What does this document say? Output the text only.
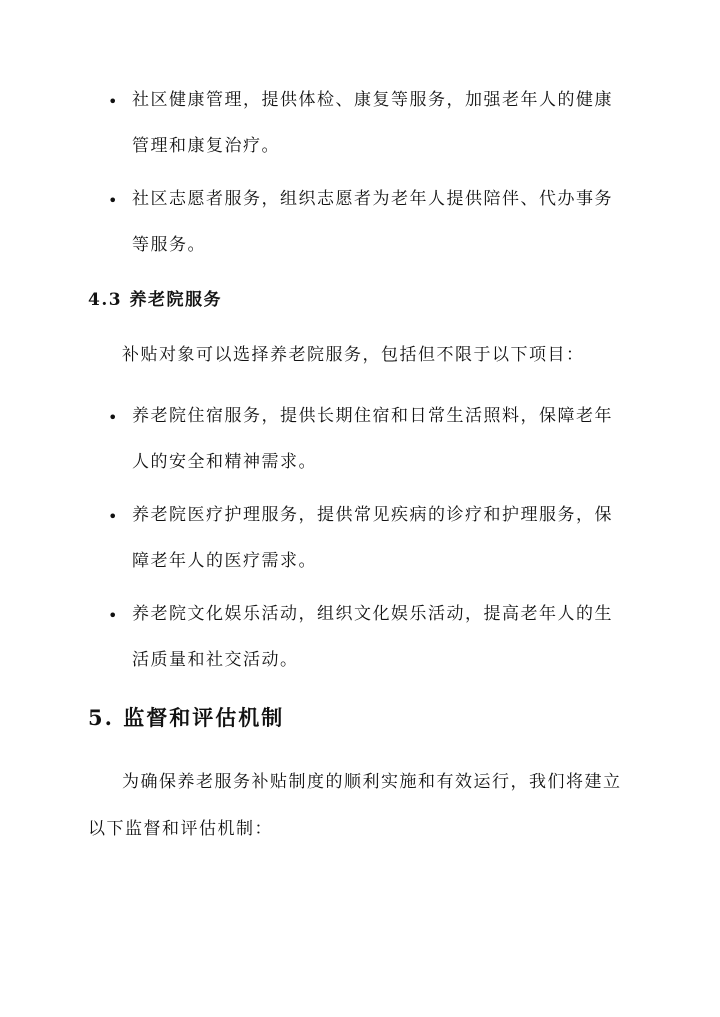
• 社区健康管理，提供体检、康复等服务，加强老年人的健康
管理和康复治疗。
• 社区志愿者服务，组织志愿者为老年人提供陪伴、代办事务
等服务。
4.3 养老院服务
补贴对象可以选择养老院服务，包括但不限于以下项目：
• 养老院住宿服务，提供长期住宿和日常生活照料，保障老年
人的安全和精神需求。
• 养老院医疗护理服务，提供常见疾病的诊疗和护理服务，保
障老年人的医疗需求。
• 养老院文化娱乐活动，组织文化娱乐活动，提高老年人的生
活质量和社交活动。
5. 监督和评估机制
为确保养老服务补贴制度的顺利实施和有效运行，我们将建立
以下监督和评估机制：
